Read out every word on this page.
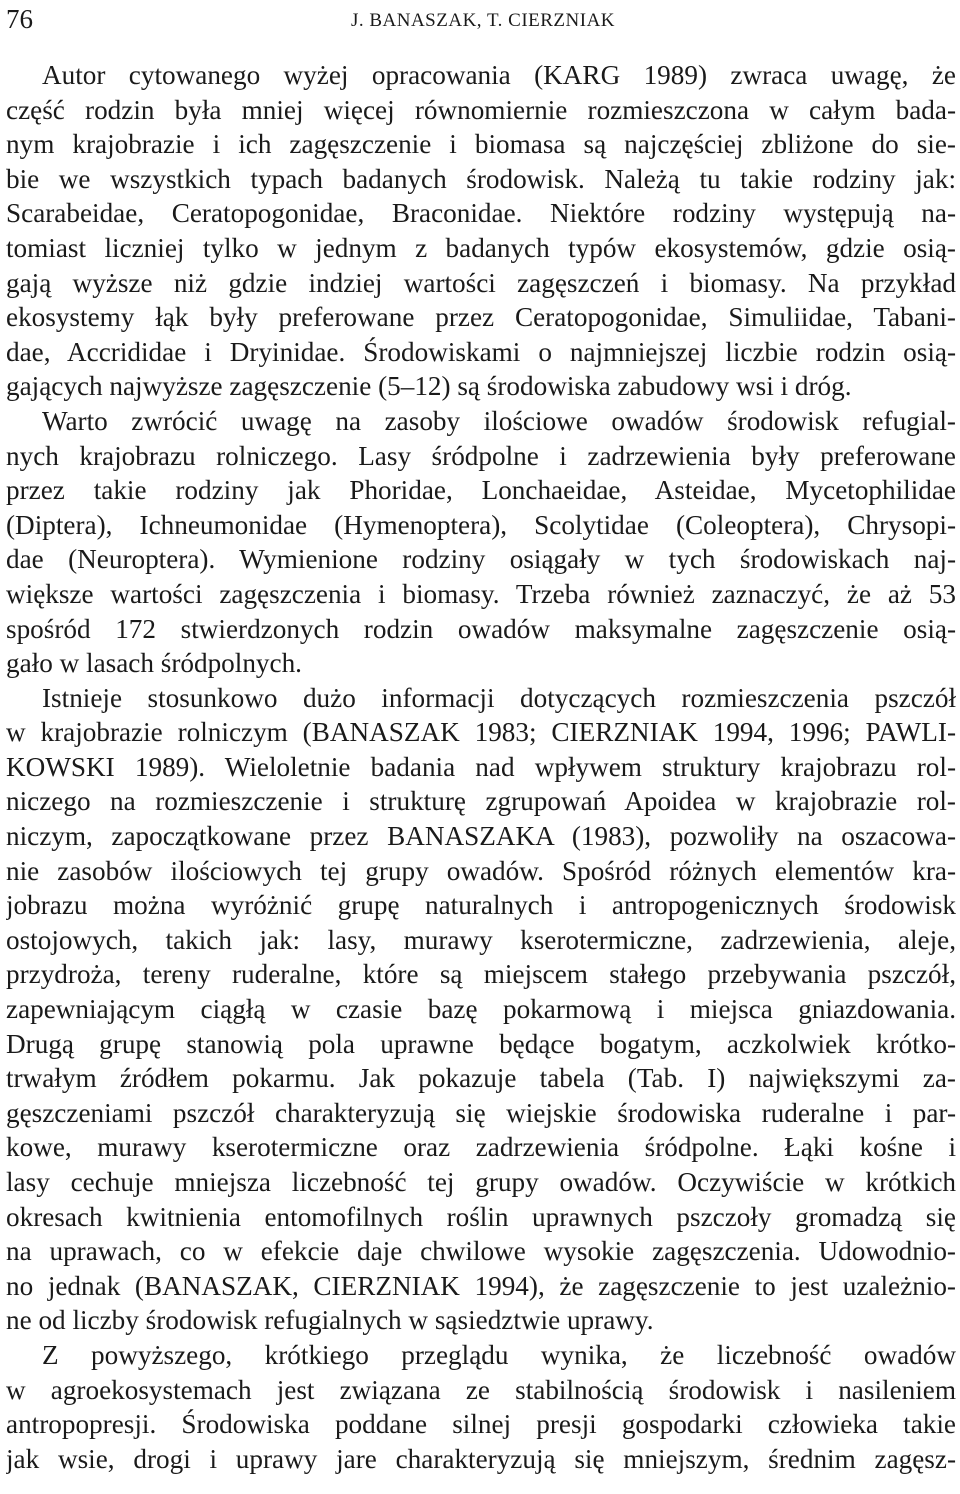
76	J. BANASZAK, T. CIERZNIAK
Autor cytowanego wyżej opracowania (KARG 1989) zwraca uwagę, że
część rodzin była mniej więcej równomiernie rozmieszczona w całym bada-
nym krajobrazie i ich zagęszczenie i biomasa są najczęściej zbliżone do sie-
bie we wszystkich typach badanych środowisk. Należą tu takie rodziny jak:
Scarabeidae, Ceratopogonidae, Braconidae. Niektóre rodziny występują na-
tomiast liczniej tylko w jednym z badanych typów ekosystemów, gdzie osią-
gają wyższe niż gdzie indziej wartości zagęszczeń i biomasy. Na przykład
ekosystemy łąk były preferowane przez Ceratopogonidae, Simuliidae, Tabani-
dae, Accrididae i Dryinidae. Środowiskami o najmniejszej liczbie rodzin osią-
gających najwyższe zagęszczenie (5–12) są środowiska zabudowy wsi i dróg.
Warto zwrócić uwagę na zasoby ilościowe owadów środowisk refugial-
nych krajobrazu rolniczego. Lasy śródpolne i zadrzewienia były preferowane
przez takie rodziny jak Phoridae, Lonchaeidae, Asteidae, Mycetophilidae
(Diptera), Ichneumonidae (Hymenoptera), Scolytidae (Coleoptera), Chrysopi-
dae (Neuroptera). Wymienione rodziny osiągały w tych środowiskach naj-
większe wartości zagęszczenia i biomasy. Trzeba również zaznaczyć, że aż 53
spośród 172 stwierdzonych rodzin owadów maksymalne zagęszczenie osią-
gało w lasach śródpolnych.
Istnieje stosunkowo dużo informacji dotyczących rozmieszczenia pszczół
w krajobrazie rolniczym (BANASZAK 1983; CIERZNIAK 1994, 1996; PAWLI-
KOWSKI 1989). Wieloletnie badania nad wpływem struktury krajobrazu rol-
niczego na rozmieszczenie i strukturę zgrupowań Apoidea w krajobrazie rol-
niczym, zapoczątkowane przez BANASZAKA (1983), pozwoliły na oszacowa-
nie zasobów ilościowych tej grupy owadów. Spośród różnych elementów kra-
jobrazu można wyróżnić grupę naturalnych i antropogenicznych środowisk
ostojowych, takich jak: lasy, murawy kserotermiczne, zadrzewienia, aleje,
przydroża, tereny ruderalne, które są miejscem stałego przebywania pszczół,
zapewniającym ciągłą w czasie bazę pokarmową i miejsca gniazdowania.
Drugą grupę stanowią pola uprawne będące bogatym, aczkolwiek krótko-
trwałym źródłem pokarmu. Jak pokazuje tabela (Tab. I) największymi za-
gęszczeniami pszczół charakteryzują się wiejskie środowiska ruderalne i par-
kowe, murawy kserotermiczne oraz zadrzewienia śródpolne. Łąki kośne i
lasy cechuje mniejsza liczebność tej grupy owadów. Oczywiście w krótkich
okresach kwitnienia entomofilnych roślin uprawnych pszczoły gromadzą się
na uprawach, co w efekcie daje chwilowe wysokie zagęszczenia. Udowodnio-
no jednak (BANASZAK, CIERZNIAK 1994), że zagęszczenie to jest uzależnio-
ne od liczby środowisk refugialnych w sąsiedztwie uprawy.
Z powyższego, krótkiego przeglądu wynika, że liczebność owadów
w agroekosystemach jest związana ze stabilnością środowisk i nasileniem
antropopresji. Środowiska poddane silnej presji gospodarki człowieka takie
jak wsie, drogi i uprawy jare charakteryzują się mniejszym, średnim zagęsz-
